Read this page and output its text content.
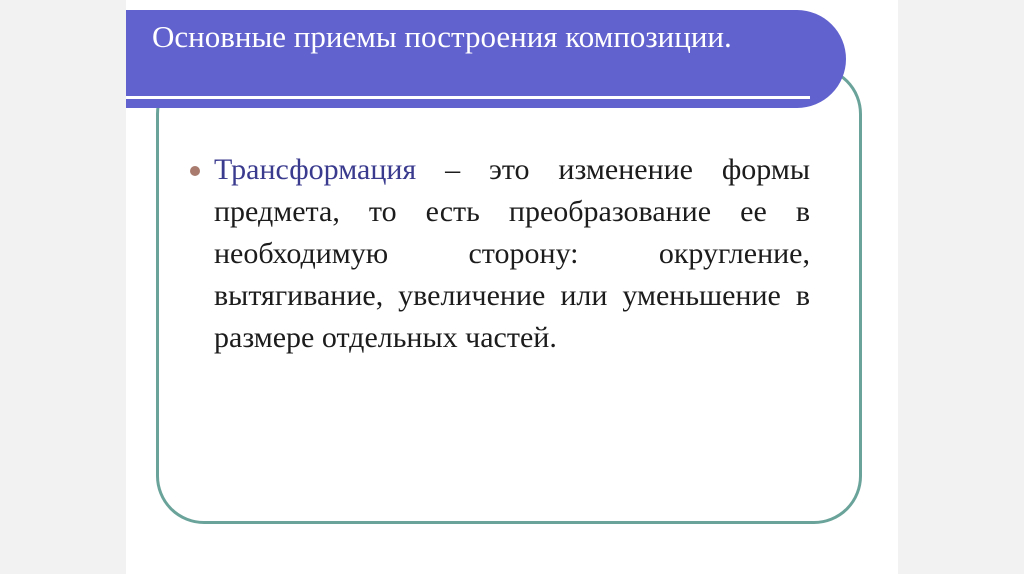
Основные приемы построения композиции.

Трансформация – это изменение формы предмета, то есть преобразование ее в необходимую сторону: округление, вытягивание, увеличение или уменьшение в размере отдельных частей.
